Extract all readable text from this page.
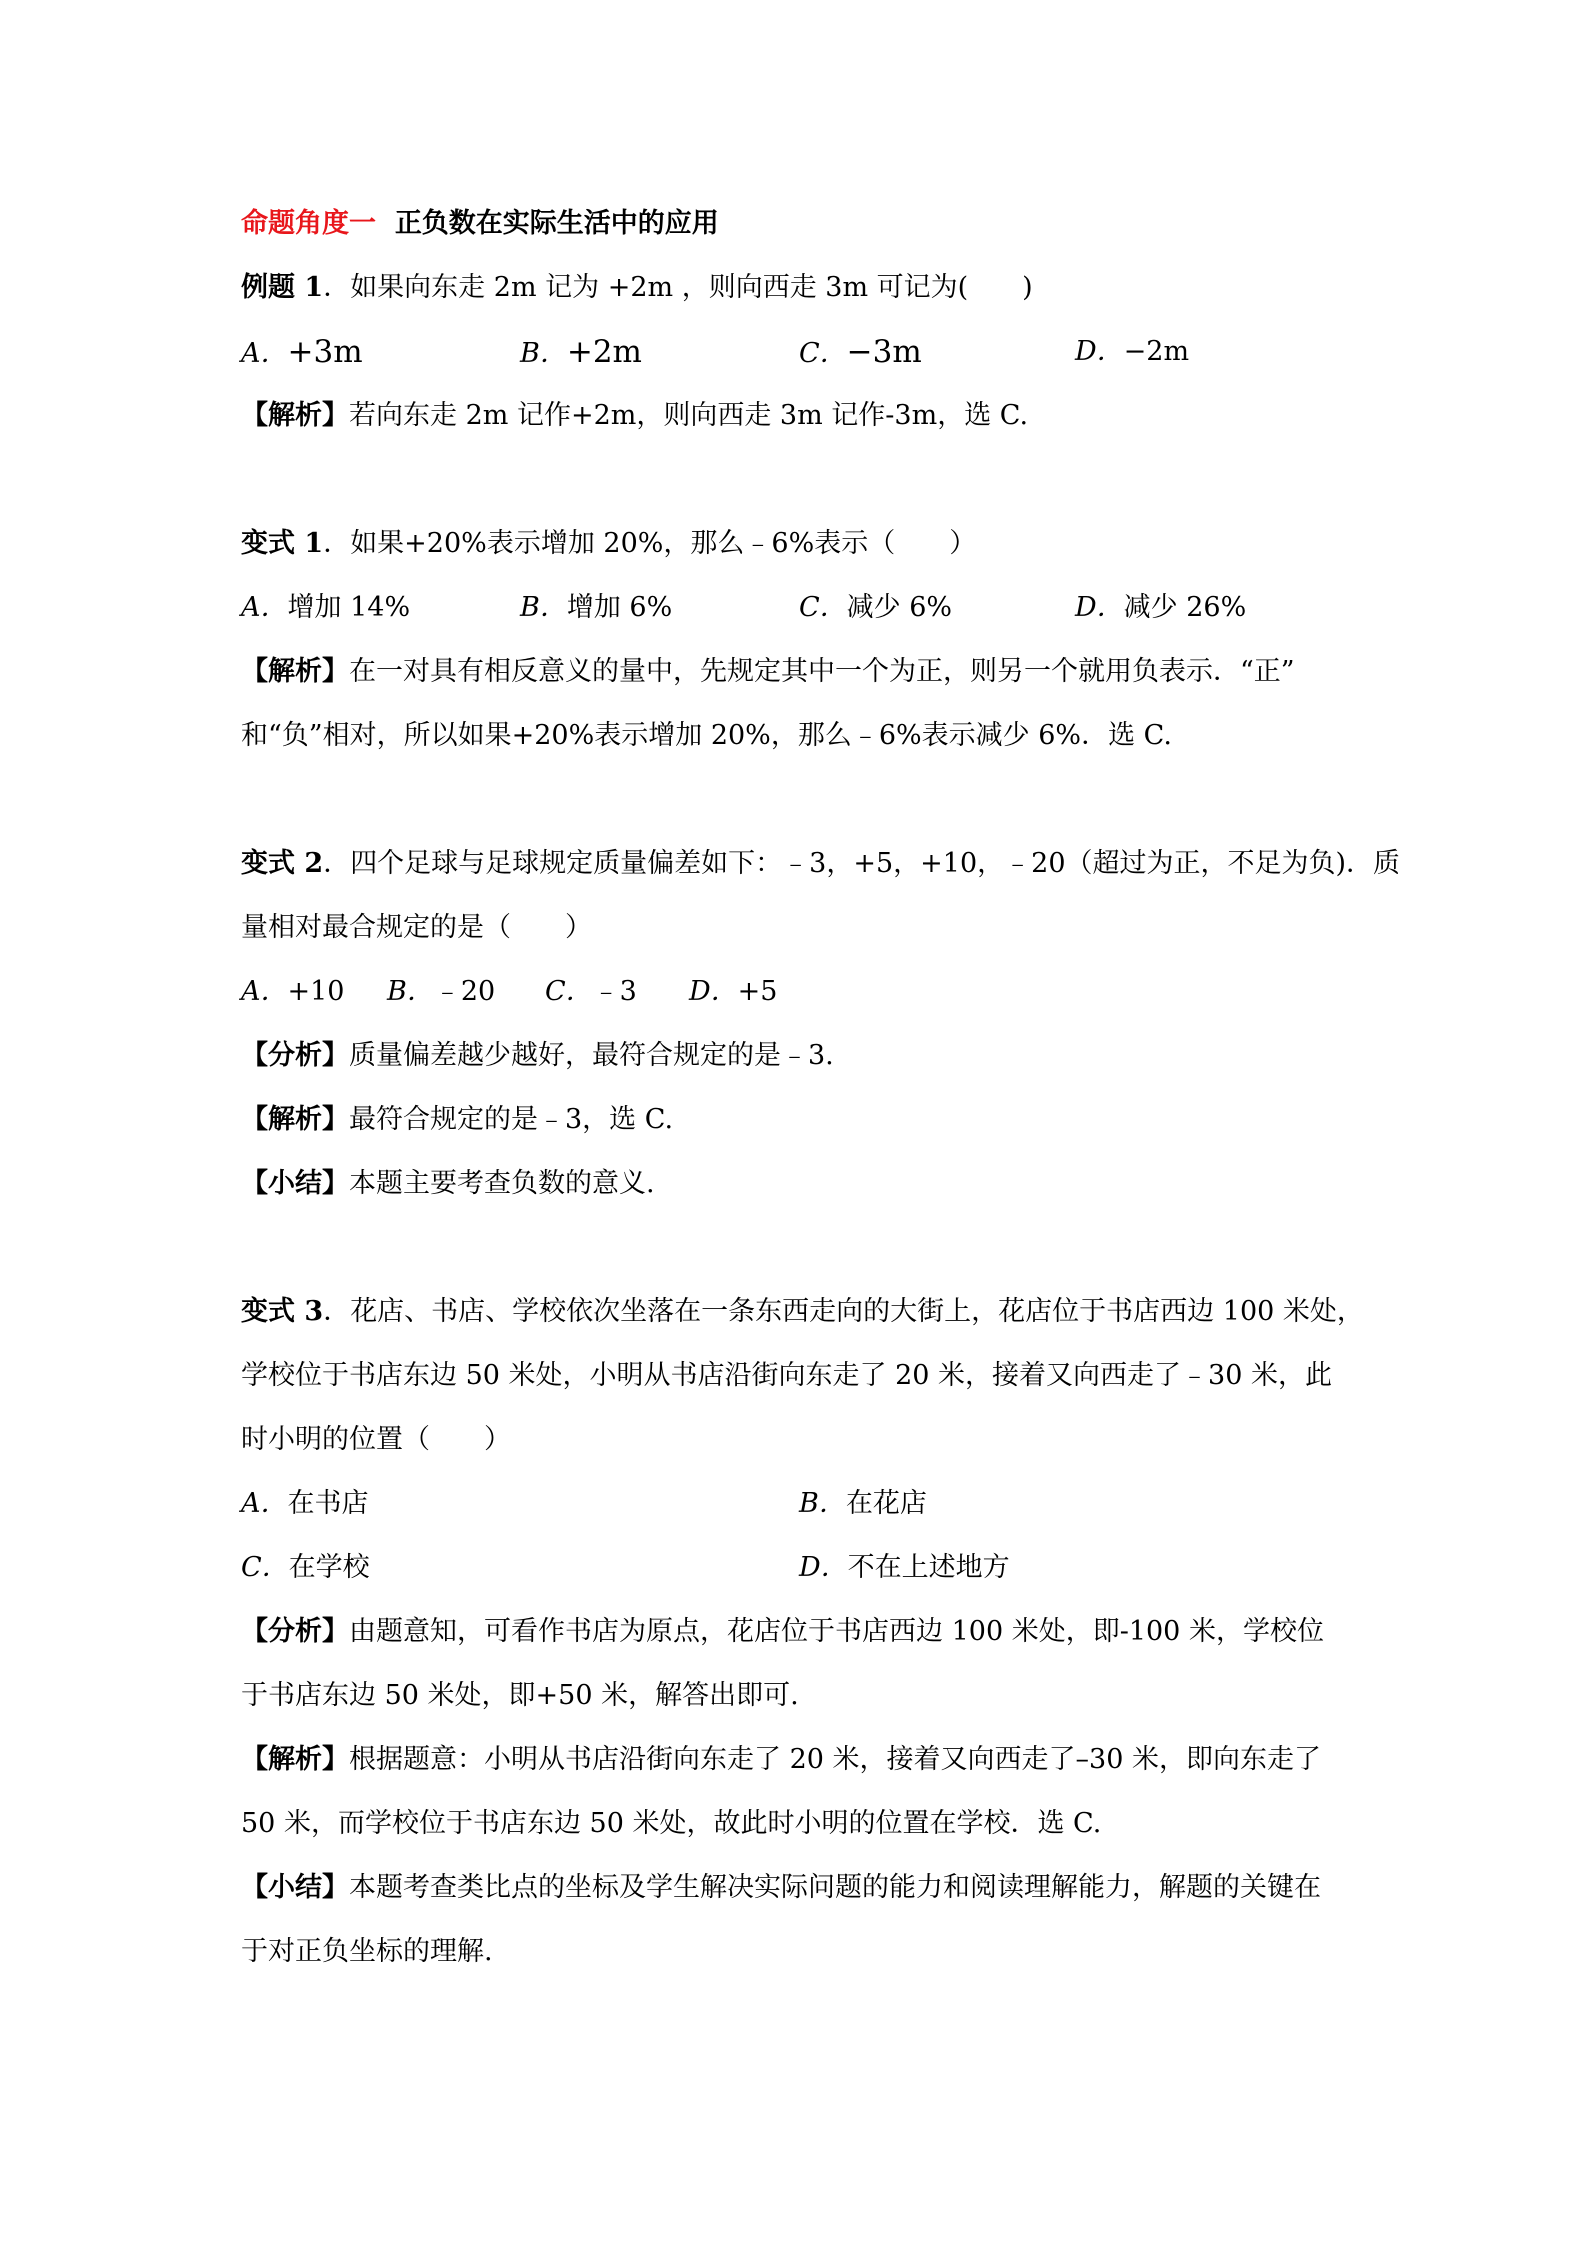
命题角度一 正负数在实际生活中的应用
例题 1．如果向东走 2m 记为 +2m ，则向西走 3m 可记为(　　)
A．+3m	B．+2m	C．−3m	D．−2m
【解析】若向东走 2m 记作+2m，则向西走 3m 记作-3m，选 C.
变式 1．如果+20%表示增加 20%，那么﹣6%表示（　　）
A．增加 14%	B．增加 6%	C．减少 6%	D．减少 26%
【解析】在一对具有相反意义的量中，先规定其中一个为正，则另一个就用负表示．“正”
和“负”相对，所以如果+20%表示增加 20%，那么﹣6%表示减少 6%．选 C.
变式 2．四个足球与足球规定质量偏差如下：﹣3，+5，+10，﹣20（超过为正，不足为负)．质
量相对最合规定的是（　　）
A．+10 B．﹣20 C．﹣3 D．+5
【分析】质量偏差越少越好，最符合规定的是﹣3.
【解析】最符合规定的是﹣3，选 C.
【小结】本题主要考查负数的意义.
变式 3．花店、书店、学校依次坐落在一条东西走向的大街上，花店位于书店西边 100 米处，
学校位于书店东边 50 米处，小明从书店沿街向东走了 20 米，接着又向西走了﹣30 米，此
时小明的位置（　　）
A．在书店	B．在花店
C．在学校	D．不在上述地方
【分析】由题意知，可看作书店为原点，花店位于书店西边 100 米处，即-100 米，学校位
于书店东边 50 米处，即+50 米，解答出即可.
【解析】根据题意：小明从书店沿街向东走了 20 米，接着又向西走了–30 米，即向东走了
50 米，而学校位于书店东边 50 米处，故此时小明的位置在学校．选 C.
【小结】本题考查类比点的坐标及学生解决实际问题的能力和阅读理解能力，解题的关键在
于对正负坐标的理解.
